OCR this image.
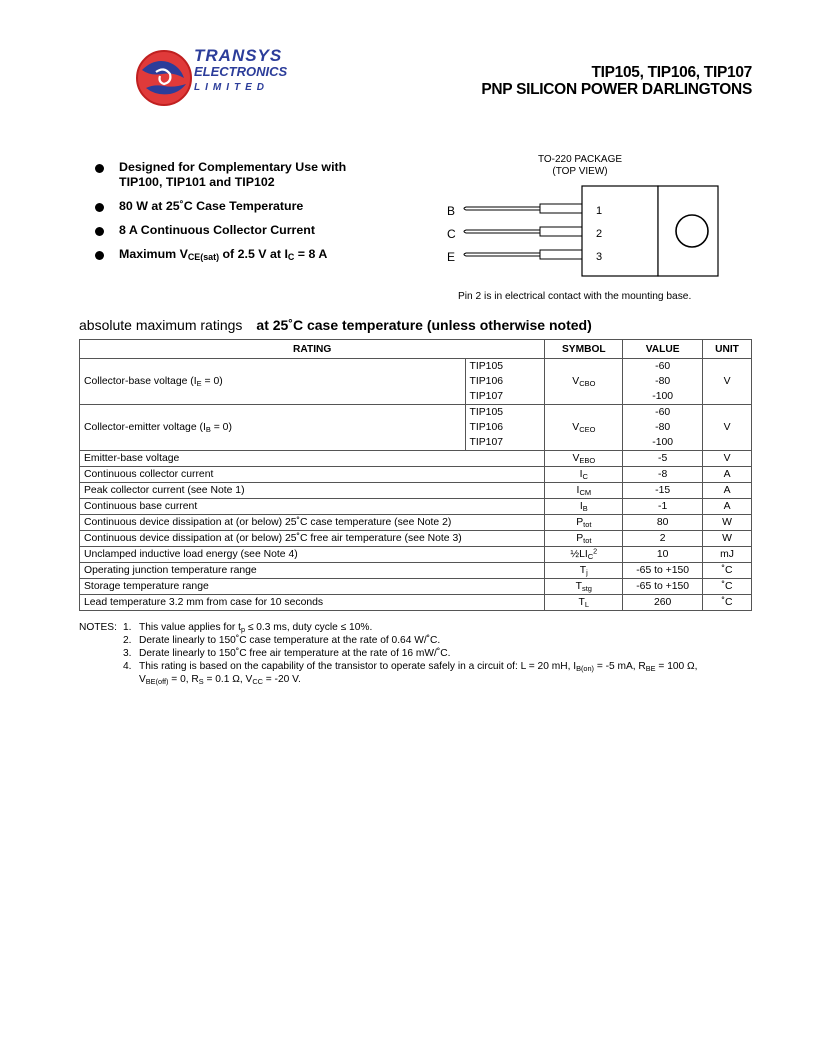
TRANSYS
ELECTRONICS
LIMITED
TIP105, TIP106, TIP107
PNP SILICON POWER DARLINGTONS
Designed for Complementary Use with
TIP100, TIP101 and TIP102
80 W at 25˚C Case Temperature
8 A Continuous Collector Current
Maximum $V_{CE(sat)}$ of 2.5 V at $I_C = 8$ A
TO-220 PACKAGE
(TOP VIEW)
B
C
E
1
2
3
Pin 2 is in electrical contact with the mounting base.
absolute maximum ratings at 25˚C case temperature (unless otherwise noted)
RATING		SYMBOL	VALUE	UNIT
Collector-base voltage $(I_E = 0)$	TIP105	$V_{CBO}$	-60	V
	TIP106		-80	
	TIP107		-100	
Collector-emitter voltage $(I_B = 0)$	TIP105	$V_{CEO}$	-60	V
	TIP106		-80	
	TIP107		-100	
Emitter-base voltage		$V_{EBO}$	-5	V
Continuous collector current		$I_C$	-8	A
Peak collector current (see Note 1)		$I_{CM}$	-15	A
Continuous base current		$I_B$	-1	A
Continuous device dissipation at (or below) 25˚C case temperature (see Note 2)		$P_{tot}$	80	W
Continuous device dissipation at (or below) 25˚C free air temperature (see Note 3)		$P_{tot}$	2	W
Unclamped inductive load energy (see Note 4)		$\frac{1}{2}LI_C^2$	10	mJ
Operating junction temperature range		$T_j$	-65 to +150	˚C
Storage temperature range		$T_{stg}$	-65 to +150	˚C
Lead temperature 3.2 mm from case for 10 seconds		$T_L$	260	˚C
NOTES: 1. This value applies for $t_p \le 0.3$ ms, duty cycle ≤ 10%.
2. Derate linearly to 150˚C case temperature at the rate of 0.64 W/˚C.
3. Derate linearly to 150˚C free air temperature at the rate of 16 mW/˚C.
4. This rating is based on the capability of the transistor to operate safely in a circuit of: L = 20 mH, $I_{B(on)} = -5$ mA, $R_{BE} = 100$ Ω,
$V_{BE(off)} = 0$, $R_S = 0.1$ Ω, $V_{CC} = -20$ V.
